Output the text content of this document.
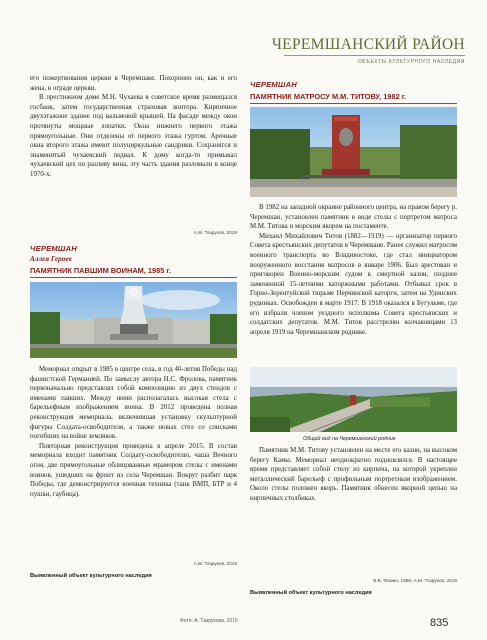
ЧЕРЕМШАНСКИЙ РАЙОН
ОБЪЕКТЫ КУЛЬТУРНОГО НАСЛЕДИЯ

его пожертвования церкви в Черемшаке. Похоронен он, как и его жена, в ограде церкви.

В престижном доме М.Н. Чухаева в советское время размещался госбанк, затем государственная страховая контора. Кирпичное двухэтажное здание под вальмовой крышей. На фасаде между окон протянуты мощные лопатки. Окна нижнего первого этажа прямоугольные. Они отделены от первого этажа гуртом. Арочные окна второго этажа имеют полуциркульные сандрики. Сохранятся и знаменитый чухаевский подвал. К дому когда-то примыкал чухаевский цех по разливу вина, эту часть здания разломали в конце 1970-х.

А.М. Тазруков, 2019
ЧЕРЕМШАН
Аллея Героев
ПАМЯТНИК ПАВШИМ ВОИНАМ, 1985 г.

Мемориал открыт в 1985 в центре села, в год 40-летия Победы над фашистской Германией. По замыслу автора Н.С. Фролова, памятник первоначально представлял собой композицию из двух стендов с именами павших. Между ними располагалась высокая стела с барельефным изображением воина. В 2012 проведена полная реконструкция мемориала, включившая установку скульптурной фигуры Солдата-освободителя, а также новых стел со списками погибших на войне земляков.

Повторная реконструкция проведена в апреле 2015. В состав мемориала входит памятник Солдату-освободителю, чаша Вечного огня, две прямоугольные облицованные мрамором стелы с именами воинов, ушедших на фронт из села Черемшан. Вокруг разбит парк Победы, где демонстрируется военная техника (танк ВМП, БТР и 4 пушки, гаубица).

А.М. Тазруков, 2019
Выявленный объект культурного наследия
Фото: А. Тазрукова, 2015
ЧЕРЕМШАН
ПАМЯТНИК МАТРОСУ М.М. ТИТОВУ, 1982 г.

В 1982 на западной окраине районного центра, на правом берегу р. Черемшан, установлен памятник в виде стелы с портретом матроса М.М. Титова и морским якорем на постаменте.

Михаил Михайлович Титов (1882—1919) — организатор первого Совета крестьянских депутатов в Черемшане. Ранее служил матросом военного транспорта во Владивостоке, где стал инициатором вооруженного восстания матросов в январе 1906. Был арестован и приговорен Военно-морским судом к смертной казни, позднее замененной 15-летними каторжными работами. Отбывал срок в Горно-Зерентуйской тюрьме Нерчинской каторги, затем на Удинских рудниках. Освобожден в марте 1917. В 1918 оказался в Бугульме, где его избрали членом уездного исполкома Совета крестьянских и солдатских депутатов. М.М. Титов расстрелян колчаковцами 13 апреля 1919 на Черемшанском роднике.

Общий вид на Черемшанский родник

Памятник М.М. Титову установлен на месте его казни, на высоком берегу Камы. Мемориал неоднократно подновлялся. В настоящее время представляет собой стелу из кирпича, на которой укреплен металлический барельеф с профильным портретным изображением. Около стелы положен якорь. Памятник обнесен якорной цепью на кирпичных столбиках.

В.Б. Фомин, 1986; А.М. Тазруков, 2019
Выявленный объект культурного наследия
835
